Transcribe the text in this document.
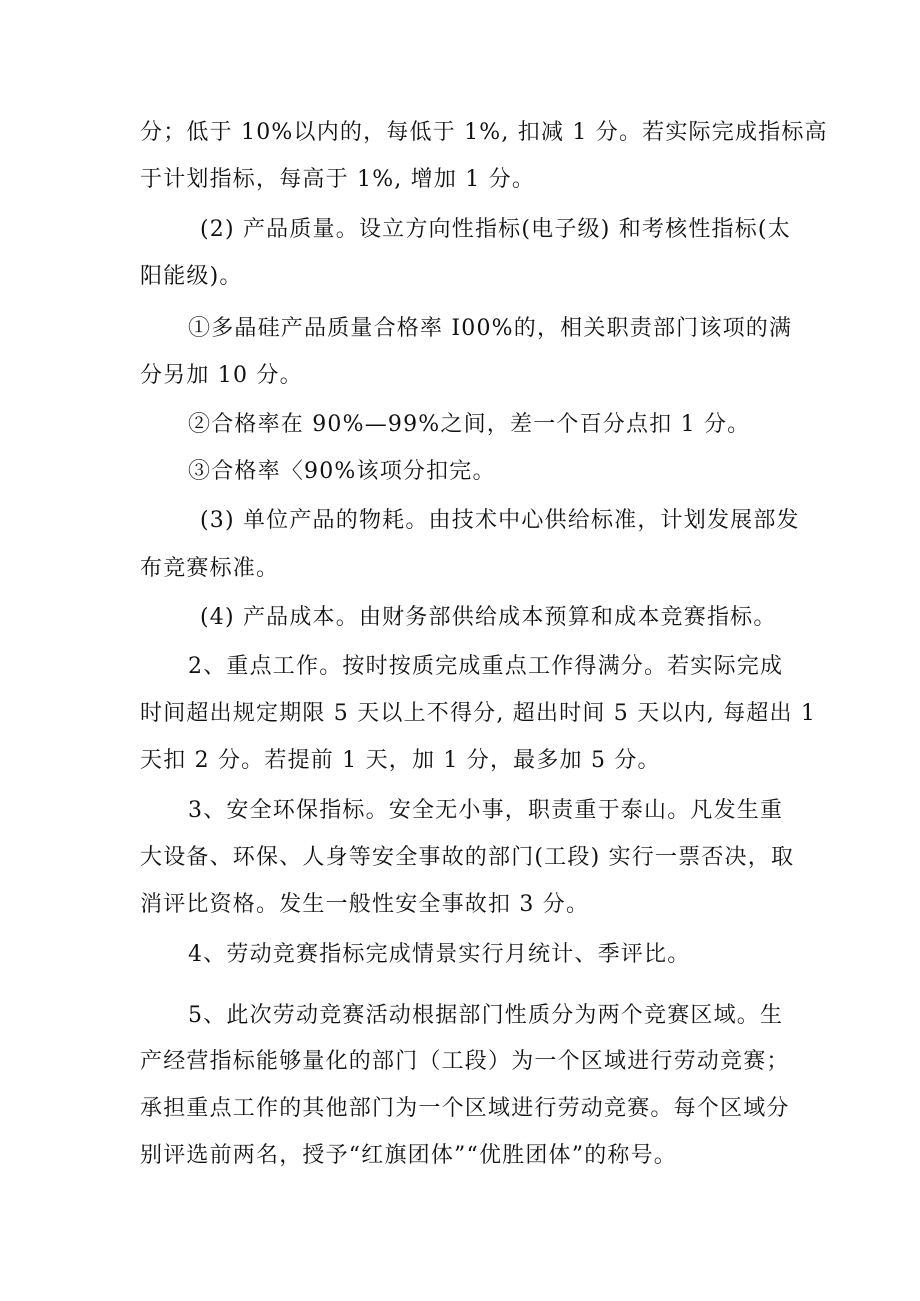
分；低于 10%以内的，每低于 1%, 扣减 1 分。若实际完成指标高
于计划指标，每高于 1%, 增加 1 分。
(2) 产品质量。设立方向性指标(电子级) 和考核性指标(太
阳能级)。
①多晶硅产品质量合格率 I00%的，相关职责部门该项的满
分另加 10 分。
②合格率在 90%—99%之间，差一个百分点扣 1 分。
③合格率〈90%该项分扣完。
(3) 单位产品的物耗。由技术中心供给标准，计划发展部发
布竞赛标准。
(4) 产品成本。由财务部供给成本预算和成本竞赛指标。
2、重点工作。按时按质完成重点工作得满分。若实际完成
时间超出规定期限 5 天以上不得分, 超出时间 5 天以内, 每超出 1
天扣 2 分。若提前 1 天，加 1 分，最多加 5 分。
3、安全环保指标。安全无小事，职责重于泰山。凡发生重
大设备、环保、人身等安全事故的部门(工段) 实行一票否决，取
消评比资格。发生一般性安全事故扣 3 分。
4、劳动竞赛指标完成情景实行月统计、季评比。
5、此次劳动竞赛活动根据部门性质分为两个竞赛区域。生
产经营指标能够量化的部门（工段）为一个区域进行劳动竞赛；
承担重点工作的其他部门为一个区域进行劳动竞赛。每个区域分
别评选前两名，授予“红旗团体”“优胜团体”的称号。
